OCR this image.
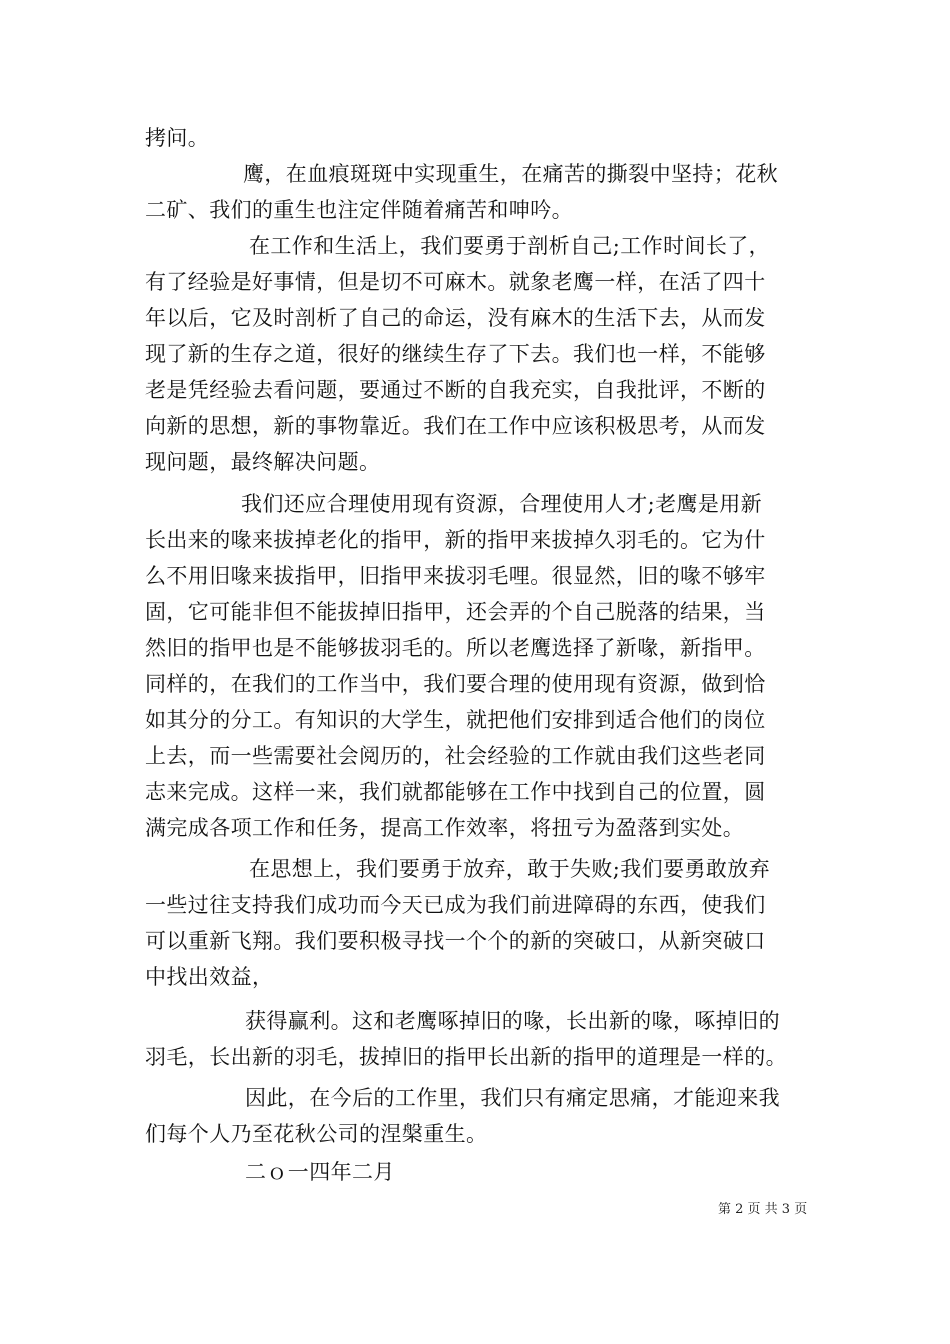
拷问。
鹰，在血痕斑斑中实现重生，在痛苦的撕裂中坚持；花秋
二矿、我们的重生也注定伴随着痛苦和呻吟。
在工作和生活上，我们要勇于剖析自己;工作时间长了，
有了经验是好事情，但是切不可麻木。就象老鹰一样，在活了四十
年以后，它及时剖析了自己的命运，没有麻木的生活下去，从而发
现了新的生存之道，很好的继续生存了下去。我们也一样，不能够
老是凭经验去看问题，要通过不断的自我充实，自我批评，不断的
向新的思想，新的事物靠近。我们在工作中应该积极思考，从而发
现问题，最终解决问题。
我们还应合理使用现有资源，合理使用人才;老鹰是用新
长出来的喙来拔掉老化的指甲，新的指甲来拔掉久羽毛的。它为什
么不用旧喙来拔指甲，旧指甲来拔羽毛哩。很显然，旧的喙不够牢
固，它可能非但不能拔掉旧指甲，还会弄的个自己脱落的结果，当
然旧的指甲也是不能够拔羽毛的。所以老鹰选择了新喙，新指甲。
同样的，在我们的工作当中，我们要合理的使用现有资源，做到恰
如其分的分工。有知识的大学生，就把他们安排到适合他们的岗位
上去，而一些需要社会阅历的，社会经验的工作就由我们这些老同
志来完成。这样一来，我们就都能够在工作中找到自己的位置，圆
满完成各项工作和任务，提高工作效率，将扭亏为盈落到实处。
在思想上，我们要勇于放弃，敢于失败;我们要勇敢放弃
一些过往支持我们成功而今天已成为我们前进障碍的东西，使我们
可以重新飞翔。我们要积极寻找一个个的新的突破口，从新突破口
中找出效益，
获得赢利。这和老鹰啄掉旧的喙，长出新的喙，啄掉旧的
羽毛，长出新的羽毛，拔掉旧的指甲长出新的指甲的道理是一样的。
因此，在今后的工作里，我们只有痛定思痛，才能迎来我
们每个人乃至花秋公司的涅槃重生。
二ｏ一四年二月
第 2 页 共 3 页
